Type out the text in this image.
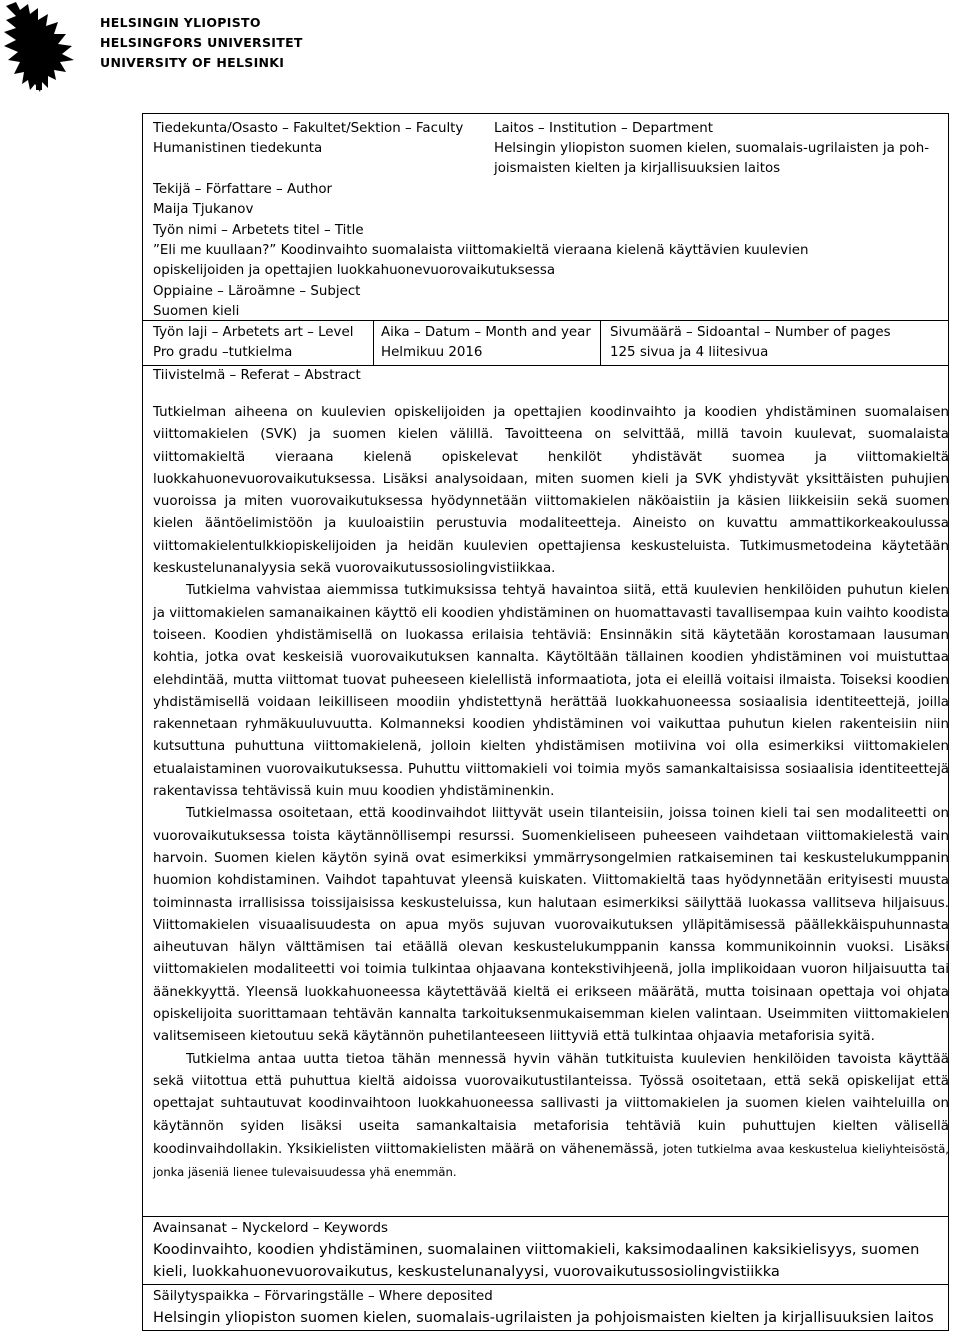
HELSINGIN YLIOPISTO
HELSINGFORS UNIVERSITET
UNIVERSITY OF HELSINKI
Tiedekunta/Osasto – Fakultet/Sektion – Faculty
Humanistinen tiedekunta
Laitos – Institution – Department
Helsingin yliopiston suomen kielen, suomalais-ugrilaisten ja poh-
joismaisten kielten ja kirjallisuuksien laitos
Tekijä – Författare – Author
Maija Tjukanov
Työn nimi – Arbetets titel – Title
”Eli me kuullaan?” Koodinvaihto suomalaista viittomakieltä vieraana kielenä käyttävien kuulevien
opiskelijoiden ja opettajien luokkahuonevuorovaikutuksessa
Oppiaine – Läroämne – Subject
Suomen kieli
Työn laji – Arbetets art – Level
Pro gradu –tutkielma
Aika – Datum – Month and year
Helmikuu 2016
Sivumäärä – Sidoantal – Number of pages
125 sivua ja 4 liitesivua
Tiivistelmä – Referat – Abstract

Tutkielman aiheena on kuulevien opiskelijoiden ja opettajien koodinvaihto ja koodien yhdistäminen suomalaisen viittomakielen (SVK) ja suomen kielen välillä. Tavoitteena on selvittää, millä tavoin kuulevat, suomalaista viittomakieltä vieraana kielenä opiskelevat henkilöt yhdistävät suomea ja viittomakieltä luokkahuonevuorovaikutuksessa. Lisäksi analysoidaan, miten suomen kieli ja SVK yhdistyvät yksittäisten puhujien vuoroissa ja miten vuorovaikutuksessa hyödynnetään viittomakielen näköaistiin ja käsien liikkeisiin sekä suomen kielen ääntöelimistöön ja kuuloaistiin perustuvia modaliteetteja. Aineisto on kuvattu ammattikorkeakoulussa viittomakielentulkkiopiskelijoiden ja heidän kuulevien opettajiensa keskusteluista. Tutkimusmetodeina käytetään keskustelunanalyysia sekä vuorovaikutussosiolingvistiikkaa.

Tutkielma vahvistaa aiemmissa tutkimuksissa tehtyä havaintoa siitä, että kuulevien henkilöiden puhutun kielen ja viittomakielen samanaikainen käyttö eli koodien yhdistäminen on huomattavasti tavallisempaa kuin vaihto koodista toiseen. Koodien yhdistämisellä on luokassa erilaisia tehtäviä: Ensinnäkin sitä käytetään korostamaan lausuman kohtia, jotka ovat keskeisiä vuorovaikutuksen kannalta. Käytöltään tällainen koodien yhdistäminen voi muistuttaa elehdintää, mutta viittomat tuovat puheeseen kielellistä informaatiota, jota ei eleillä voitaisi ilmaista. Toiseksi koodien yhdistämisellä voidaan leikilliseen moodiin yhdistettynä herättää luokkahuoneessa sosiaalisia identiteettejä, joilla rakennetaan ryhmäkuuluvuutta. Kolmanneksi koodien yhdistäminen voi vaikuttaa puhutun kielen rakenteisiin niin kutsuttuna puhuttuna viittomakielenä, jolloin kielten yhdistämisen motiivina voi olla esimerkiksi viittomakielen etualaistaminen vuorovaikutuksessa. Puhuttu viittomakieli voi toimia myös samankaltaisissa sosiaalisia identiteettejä rakentavissa tehtävissä kuin muu koodien yhdistäminenkin.

Tutkielmassa osoitetaan, että koodinvaihdot liittyvät usein tilanteisiin, joissa toinen kieli tai sen modaliteetti on vuorovaikutuksessa toista käytännöllisempi resurssi. Suomenkieliseen puheeseen vaihdetaan viittomakielestä vain harvoin. Suomen kielen käytön syinä ovat esimerkiksi ymmärrysongelmien ratkaiseminen tai keskustelukumppanin huomion kohdistaminen. Vaihdot tapahtuvat yleensä kuiskaten. Viittomakieltä taas hyödynnetään erityisesti muusta toiminnasta irrallisissa toissijaisissa keskusteluissa, kun halutaan esimerkiksi säilyttää luokassa vallitseva hiljaisuus. Viittomakielen visuaalisuudesta on apua myös sujuvan vuorovaikutuksen ylläpitämisessä päällekkäispuhunnasta aiheutuvan hälyn välttämisen tai etäällä olevan keskustelukumppanin kanssa kommunikoinnin vuoksi. Lisäksi viittomakielen modaliteetti voi toimia tulkintaa ohjaavana kontekstivihjeenä, jolla implikoidaan vuoron hiljaisuutta tai äänekkyyttä. Yleensä luokkahuoneessa käytettävää kieltä ei erikseen määrätä, mutta toisinaan opettaja voi ohjata opiskelijoita suorittamaan tehtävän kannalta tarkoituksenmukaisemman kielen valintaan. Useimmiten viittomakielen valitsemiseen kietoutuu sekä käytännön puhetilanteeseen liittyviä että tulkintaa ohjaavia metaforisia syitä.

Tutkielma antaa uutta tietoa tähän mennessä hyvin vähän tutkituista kuulevien henkilöiden tavoista käyttää sekä viitottua että puhuttua kieltä aidoissa vuorovaikutustilanteissa. Työssä osoitetaan, että sekä opiskelijat että opettajat suhtautuvat koodinvaihtoon luokkahuoneessa sallivasti ja viittomakielen ja suomen kielen vaihteluilla on käytännön syiden lisäksi useita samankaltaisia metaforisia tehtäviä kuin puhuttujen kielten välisellä koodinvaihdollakin. Yksikielisten viittomakielisten määrä on vähenemässä, joten tutkielma avaa keskustelua kieliyhteisöstä, jonka jäseniä lienee tulevaisuudessa yhä enemmän.

Avainsanat – Nyckelord – Keywords
Koodinvaihto, koodien yhdistäminen, suomalainen viittomakieli, kaksimodaalinen kaksikielisyys, suomen
kieli, luokkahuonevuorovaikutus, keskustelunanalyysi, vuorovaikutussosiolingvistiikka
Säilytyspaikka – Förvaringställe – Where deposited
Helsingin yliopiston suomen kielen, suomalais-ugrilaisten ja pohjoismaisten kielten ja kirjallisuuksien laitos
